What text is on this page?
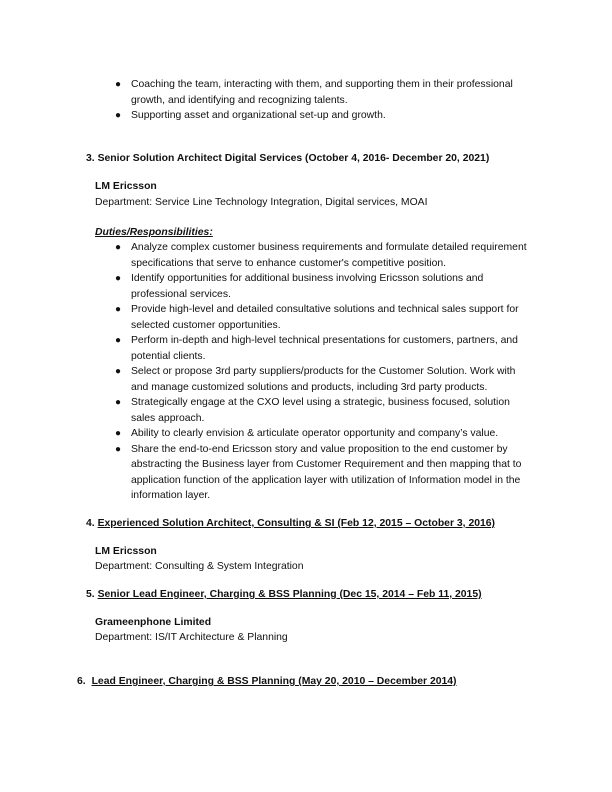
● Coaching the team, interacting with them, and supporting them in their professional growth, and identifying and recognizing talents.
● Supporting asset and organizational set-up and growth.
3. Senior Solution Architect Digital Services (October 4, 2016- December 20, 2021)
LM Ericsson
Department: Service Line Technology Integration, Digital services, MOAI
Duties/Responsibilities:
● Analyze complex customer business requirements and formulate detailed requirement specifications that serve to enhance customer's competitive position.
● Identify opportunities for additional business involving Ericsson solutions and professional services.
● Provide high-level and detailed consultative solutions and technical sales support for selected customer opportunities.
● Perform in-depth and high-level technical presentations for customers, partners, and potential clients.
● Select or propose 3rd party suppliers/products for the Customer Solution. Work with and manage customized solutions and products, including 3rd party products.
● Strategically engage at the CXO level using a strategic, business focused, solution sales approach.
● Ability to clearly envision & articulate operator opportunity and company’s value.
● Share the end-to-end Ericsson story and value proposition to the end customer by abstracting the Business layer from Customer Requirement and then mapping that to application function of the application layer with utilization of Information model in the information layer.
4. Experienced Solution Architect, Consulting & SI (Feb 12, 2015 – October 3, 2016)
LM Ericsson
Department: Consulting & System Integration
5. Senior Lead Engineer, Charging & BSS Planning (Dec 15, 2014 – Feb 11, 2015)
Grameenphone Limited
Department: IS/IT Architecture & Planning
6. Lead Engineer, Charging & BSS Planning (May 20, 2010 – December 2014)
